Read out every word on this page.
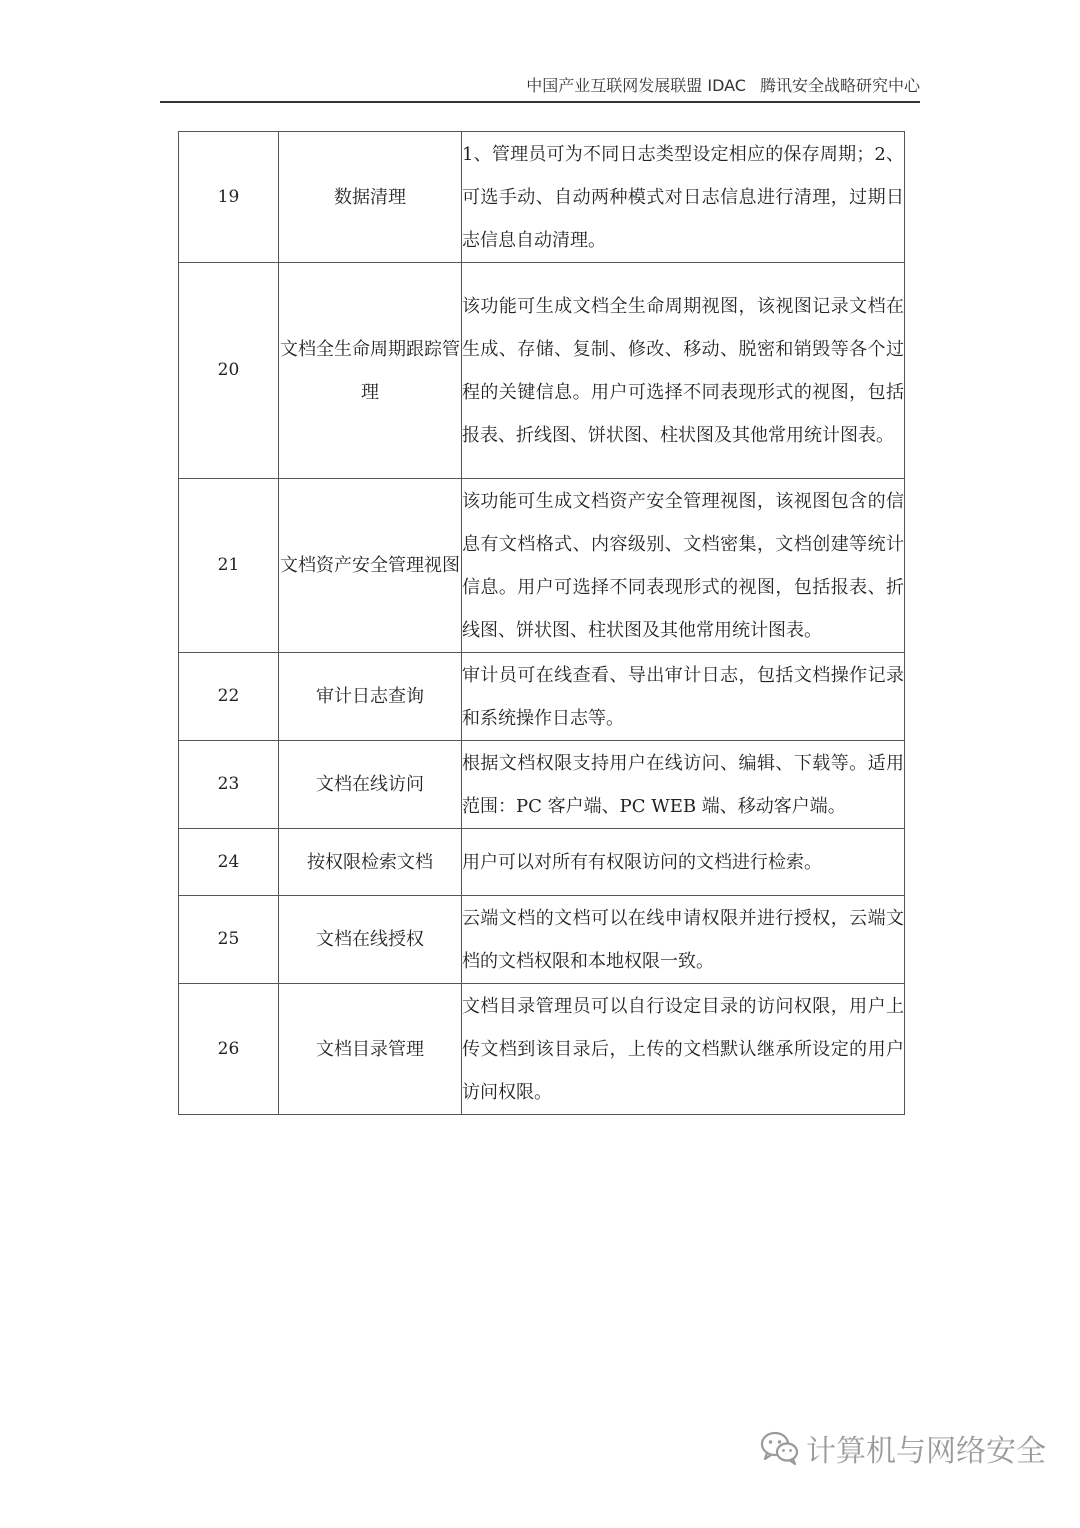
中国产业互联网发展联盟 IDAC 腾讯安全战略研究中心
19	数据清理	1、管理员可为不同日志类型设定相应的保存周期；2、可选手动、自动两种模式对日志信息进行清理，过期日志信息自动清理。
20	文档全生命周期跟踪管理	该功能可生成文档全生命周期视图，该视图记录文档在生成、存储、复制、修改、移动、脱密和销毁等各个过程的关键信息。用户可选择不同表现形式的视图，包括报表、折线图、饼状图、柱状图及其他常用统计图表。
21	文档资产安全管理视图	该功能可生成文档资产安全管理视图，该视图包含的信息有文档格式、内容级别、文档密集，文档创建等统计信息。用户可选择不同表现形式的视图，包括报表、折线图、饼状图、柱状图及其他常用统计图表。
22	审计日志查询	审计员可在线查看、导出审计日志，包括文档操作记录和系统操作日志等。
23	文档在线访问	根据文档权限支持用户在线访问、编辑、下载等。适用范围：PC 客户端、PC WEB 端、移动客户端。
24	按权限检索文档	用户可以对所有有权限访问的文档进行检索。
25	文档在线授权	云端文档的文档可以在线申请权限并进行授权，云端文档的文档权限和本地权限一致。
26	文档目录管理	文档目录管理员可以自行设定目录的访问权限，用户上传文档到该目录后，上传的文档默认继承所设定的用户访问权限。
计算机与网络安全
